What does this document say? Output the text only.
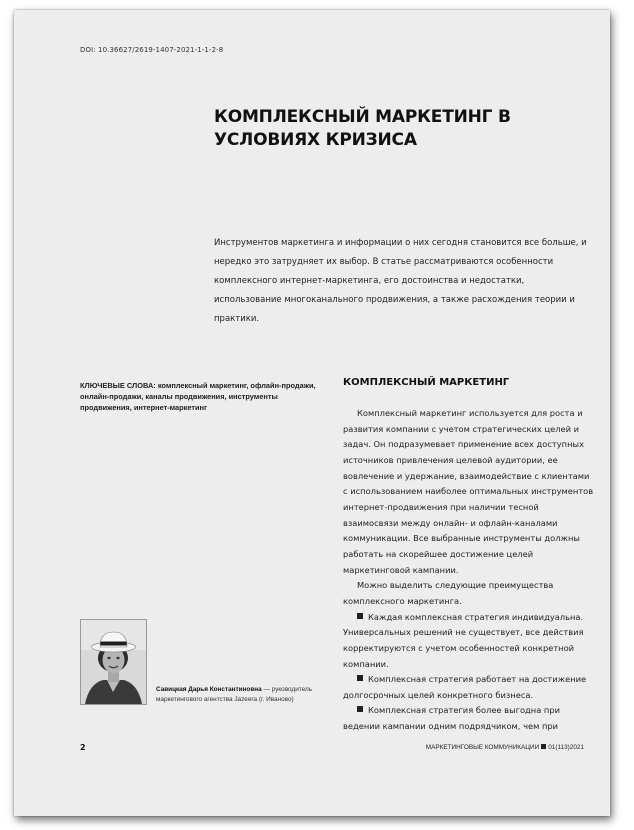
DOI: 10.36627/2619-1407-2021-1-1-2-8
КОМПЛЕКСНЫЙ МАРКЕТИНГ В УСЛОВИЯХ КРИЗИСА
Инструментов маркетинга и информации о них сегодня становится все больше, и нередко это затрудняет их выбор. В статье рассматриваются особенности комплексного интернет-маркетинга, его достоинства и недостатки, использование многоканального продвижения, а также расхождения теории и практики.
КЛЮЧЕВЫЕ СЛОВА: комплексный маркетинг, офлайн-продажи, онлайн-продажи, каналы продвижения, инструменты продвижения, интернет-маркетинг
КОМПЛЕКСНЫЙ МАРКЕТИНГ

Комплексный маркетинг используется для роста и развития компании с учетом стратегических целей и задач. Он подразумевает применение всех доступных источников привлечения целевой аудитории, ее вовлечение и удержание, взаимодействие с клиентами с использованием наиболее оптимальных инструментов интернет-продвижения при наличии тесной взаимосвязи между онлайн- и офлайн-каналами коммуникации. Все выбранные инструменты должны работать на скорейшее достижение целей маркетинговой кампании.

Можно выделить следующие преимущества комплексного маркетинга.

Каждая комплексная стратегия индивидуальна. Универсальных решений не существует, все действия корректируются с учетом особенностей конкретной компании.

Комплексная стратегия работает на достижение долгосрочных целей конкретного бизнеса.

Комплексная стратегия более выгодна при ведении кампании одним подрядчиком, чем при

Савицкая Дарья Константиновна — руководитель маркетингового агентства Jazeera (г. Иваново)
2	МАРКЕТИНГОВЫЕ КОММУНИКАЦИИ 01(113)2021
